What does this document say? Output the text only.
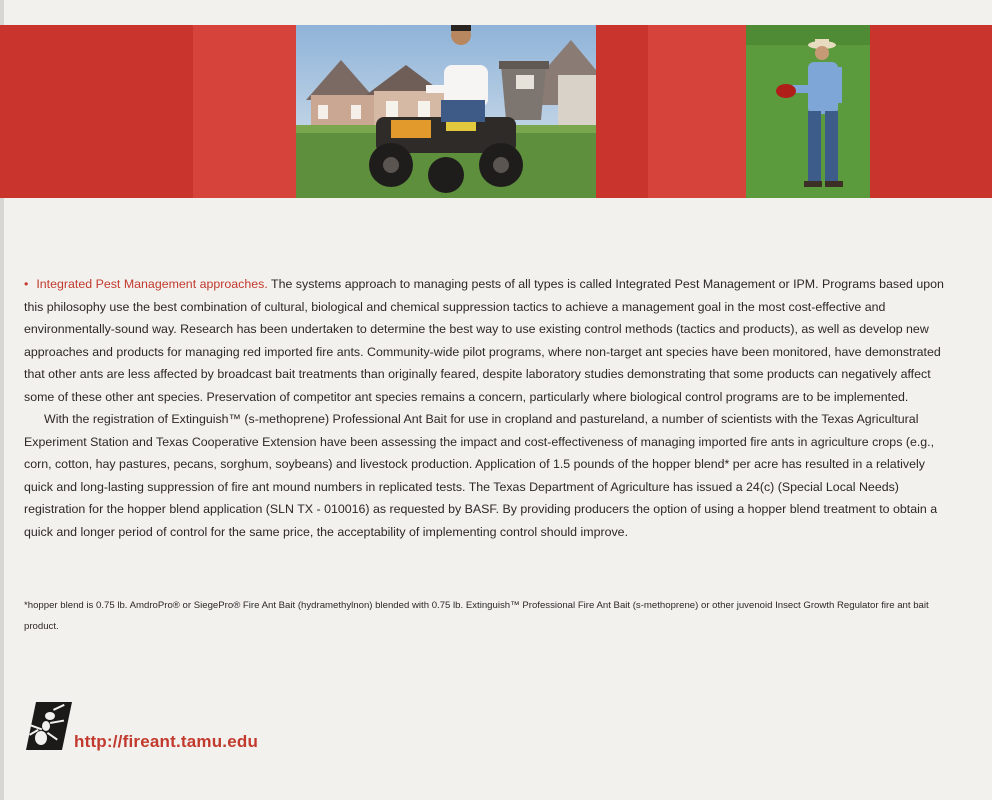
• Integrated Pest Management approaches. The systems approach to managing pests of all types is called Integrated Pest Management or IPM. Programs based upon this philosophy use the best combination of cultural, biological and chemical suppression tactics to achieve a management goal in the most cost-effective and environmentally-sound way. Research has been undertaken to determine the best way to use existing control methods (tactics and products), as well as develop new approaches and products for managing red imported fire ants. Community-wide pilot programs, where non-target ant species have been monitored, have demonstrated that other ants are less affected by broadcast bait treatments than originally feared, despite laboratory studies demonstrating that some products can negatively affect some of these other ant species. Preservation of competitor ant species remains a concern, particularly where biological control programs are to be implemented.

With the registration of Extinguish™ (s-methoprene) Professional Ant Bait for use in cropland and pastureland, a number of scientists with the Texas Agricultural Experiment Station and Texas Cooperative Extension have been assessing the impact and cost-effectiveness of managing imported fire ants in agriculture crops (e.g., corn, cotton, hay pastures, pecans, sorghum, soybeans) and livestock production. Application of 1.5 pounds of the hopper blend* per acre has resulted in a relatively quick and long-lasting suppression of fire ant mound numbers in replicated tests. The Texas Department of Agriculture has issued a 24(c) (Special Local Needs) registration for the hopper blend application (SLN TX - 010016) as requested by BASF. By providing producers the option of using a hopper blend treatment to obtain a quick and longer period of control for the same price, the acceptability of implementing control should improve.

*hopper blend is 0.75 lb. AmdroPro® or SiegePro® Fire Ant Bait (hydramethylnon) blended with 0.75 lb. Extinguish™ Professional Fire Ant Bait (s-methoprene) or other juvenoid Insect Growth Regulator fire ant bait product.
http://fireant.tamu.edu
